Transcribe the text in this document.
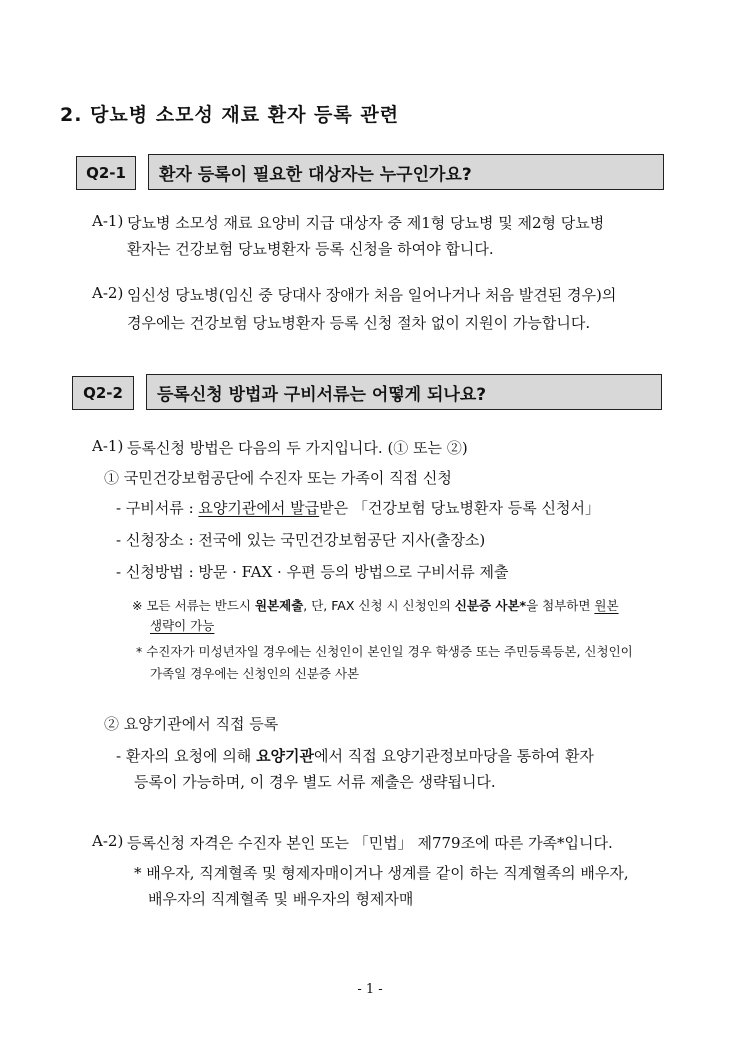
2. 당뇨병 소모성 재료 환자 등록 관련
Q2-1	환자 등록이 필요한 대상자는 누구인가요?
A-1) 당뇨병 소모성 재료 요양비 지급 대상자 중 제1형 당뇨병 및 제2형 당뇨병
환자는 건강보험 당뇨병환자 등록 신청을 하여야 합니다.
A-2) 임신성 당뇨병(임신 중 당대사 장애가 처음 일어나거나 처음 발견된 경우)의
경우에는 건강보험 당뇨병환자 등록 신청 절차 없이 지원이 가능합니다.
Q2-2	등록신청 방법과 구비서류는 어떻게 되나요?
A-1) 등록신청 방법은 다음의 두 가지입니다. (① 또는 ②)
① 국민건강보험공단에 수진자 또는 가족이 직접 신청
- 구비서류 : 요양기관에서 발급받은 「건강보험 당뇨병환자 등록 신청서」
- 신청장소 : 전국에 있는 국민건강보험공단 지사(출장소)
- 신청방법 : 방문 · FAX · 우편 등의 방법으로 구비서류 제출
※ 모든 서류는 반드시 원본제출, 단, FAX 신청 시 신청인의 신분증 사본*을 첨부하면 원본
생략이 가능
* 수진자가 미성년자일 경우에는 신청인이 본인일 경우 학생증 또는 주민등록등본, 신청인이
가족일 경우에는 신청인의 신분증 사본
② 요양기관에서 직접 등록
- 환자의 요청에 의해 요양기관에서 직접 요양기관정보마당을 통하여 환자
등록이 가능하며, 이 경우 별도 서류 제출은 생략됩니다.
A-2) 등록신청 자격은 수진자 본인 또는 「민법」 제779조에 따른 가족*입니다.
* 배우자, 직계혈족 및 형제자매이거나 생계를 같이 하는 직계혈족의 배우자,
배우자의 직계혈족 및 배우자의 형제자매
- 1 -
